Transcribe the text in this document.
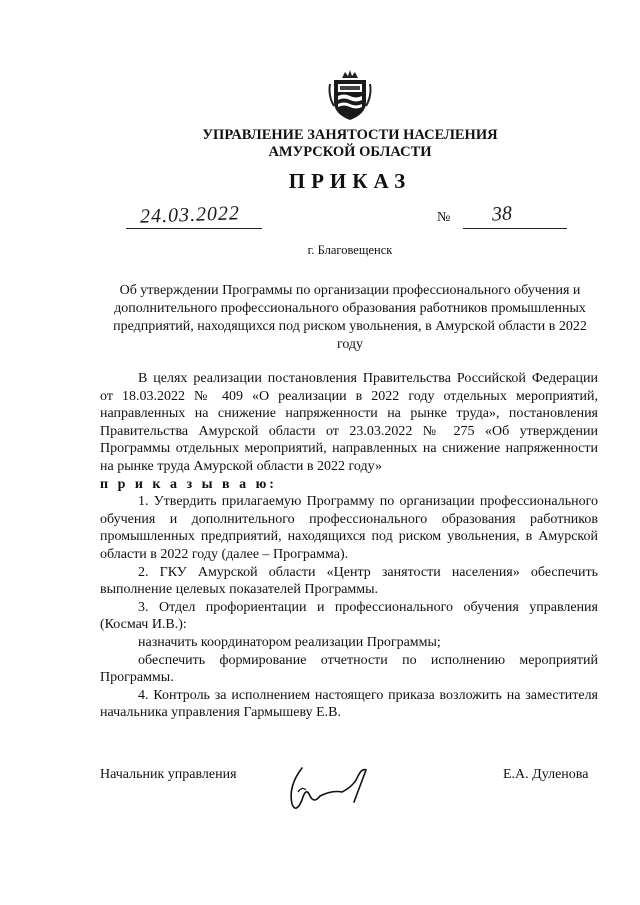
УПРАВЛЕНИЕ ЗАНЯТОСТИ НАСЕЛЕНИЯ
АМУРСКОЙ ОБЛАСТИ
ПРИКАЗ
24.03.2022	№ 38
г. Благовещенск
Об утверждении Программы по организации профессионального обучения и дополнительного профессионального образования работников промышленных предприятий, находящихся под риском увольнения, в Амурской области в 2022 году

В целях реализации постановления Правительства Российской Федерации от 18.03.2022 № 409 «О реализации в 2022 году отдельных мероприятий, направленных на снижение напряженности на рынке труда», постановления Правительства Амурской области от 23.03.2022 № 275 «Об утверждении Программы отдельных мероприятий, направленных на снижение напряженности на рынке труда Амурской области в 2022 году»

п р и к а з ы в а ю:

1. Утвердить прилагаемую Программу по организации профессионального обучения и дополнительного профессионального образования работников промышленных предприятий, находящихся под риском увольнения, в Амурской области в 2022 году (далее – Программа).

2. ГКУ Амурской области «Центр занятости населения» обеспечить выполнение целевых показателей Программы.

3. Отдел профориентации и профессионального обучения управления (Космач И.В.):

назначить координатором реализации Программы;

обеспечить формирование отчетности по исполнению мероприятий Программы.

4. Контроль за исполнением настоящего приказа возложить на заместителя начальника управления Гармышеву Е.В.

Начальник управления	Е.А. Дуленова
